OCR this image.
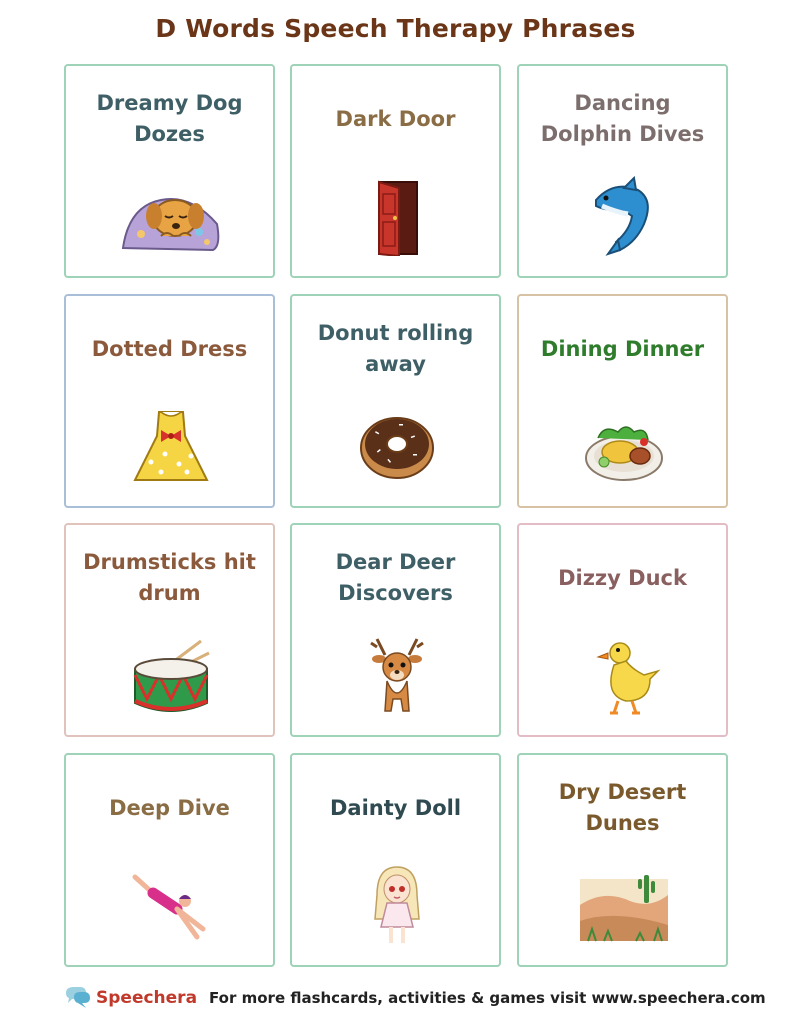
D Words Speech Therapy Phrases
Dreamy Dog Dozes
Dark Door
Dancing Dolphin Dives
Dotted Dress
Donut rolling away
Dining Dinner
Drumsticks hit drum
Dear Deer Discovers
Dizzy Duck
Deep Dive	Dainty Doll
Dry Desert Dunes
Speechera For more flashcards, activities & games visit www.speechera.com
